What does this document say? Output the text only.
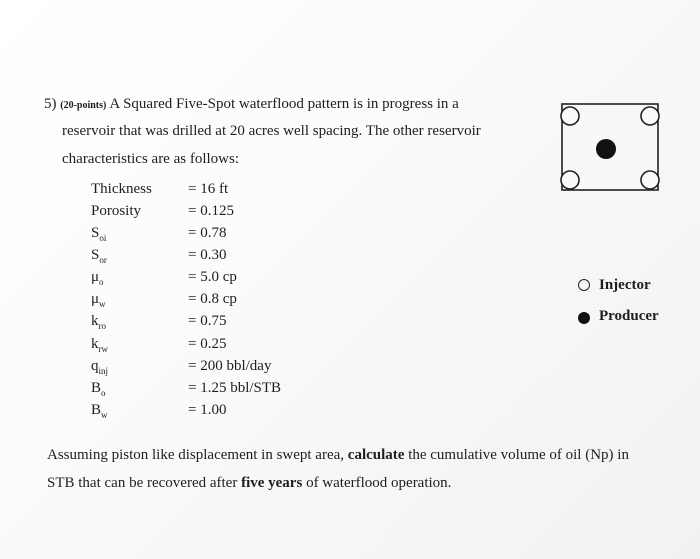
5) (20-points) A Squared Five-Spot waterflood pattern is in progress in a
reservoir that was drilled at 20 acres well spacing. The other reservoir
characteristics are as follows:
Thickness = 16 ft
Porosity	= 0.125
$S_{oi}$	= 0.78
$S_{or}$	= 0.30
$\mu_o$	= 5.0 cp
$\mu_w$	= 0.8 cp
$k_{ro}$	= 0.75
$k_{rw}$	= 0.25
$q_{inj}$	= 200 bbl/day
$B_o$	= 1.25 bbl/STB
$B_w$	= 1.00
Injector
Producer
Assuming piston like displacement in swept area, calculate the cumulative volume of oil (Np) in
STB that can be recovered after five years of waterflood operation.
